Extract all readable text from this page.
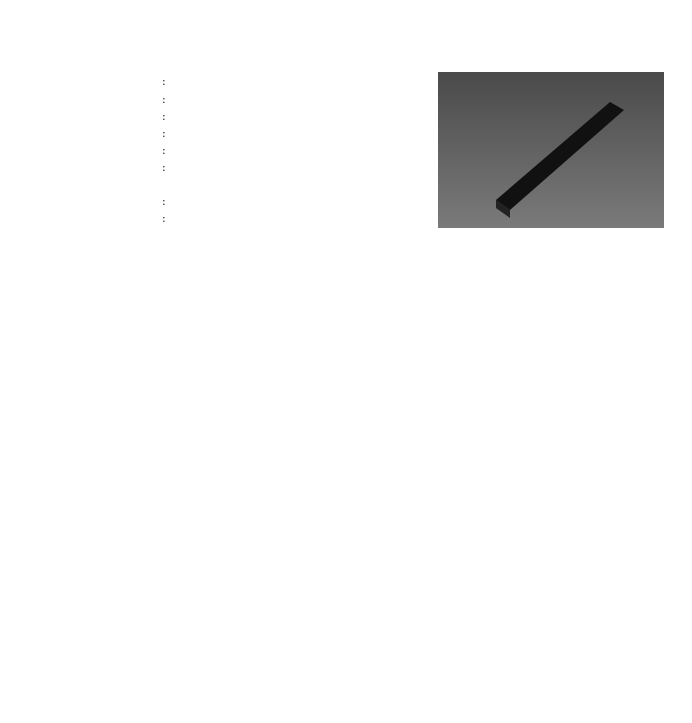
:
:
:
:
:
:
:
:
